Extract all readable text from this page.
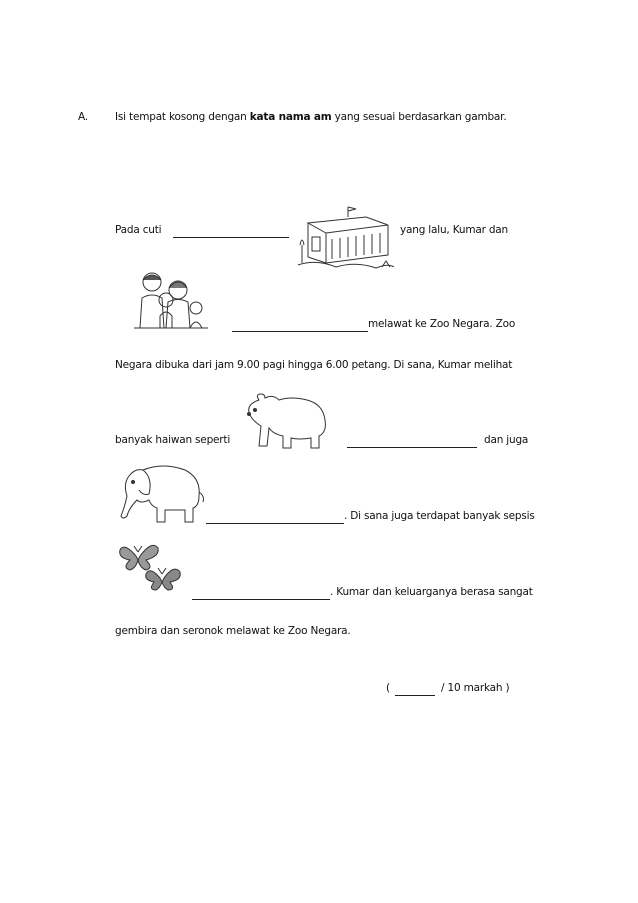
A.	Isi tempat kosong dengan kata nama am yang sesuai berdasarkan gambar.
Pada cuti	yang lalu, Kumar dan
melawat ke Zoo Negara. Zoo
Negara dibuka dari jam 9.00 pagi hingga 6.00 petang. Di sana, Kumar melihat
banyak haiwan seperti	dan juga
. Di sana juga terdapat banyak sepsis
. Kumar dan keluarganya berasa sangat
gembira dan seronok melawat ke Zoo Negara.
(	/ 10 markah )
